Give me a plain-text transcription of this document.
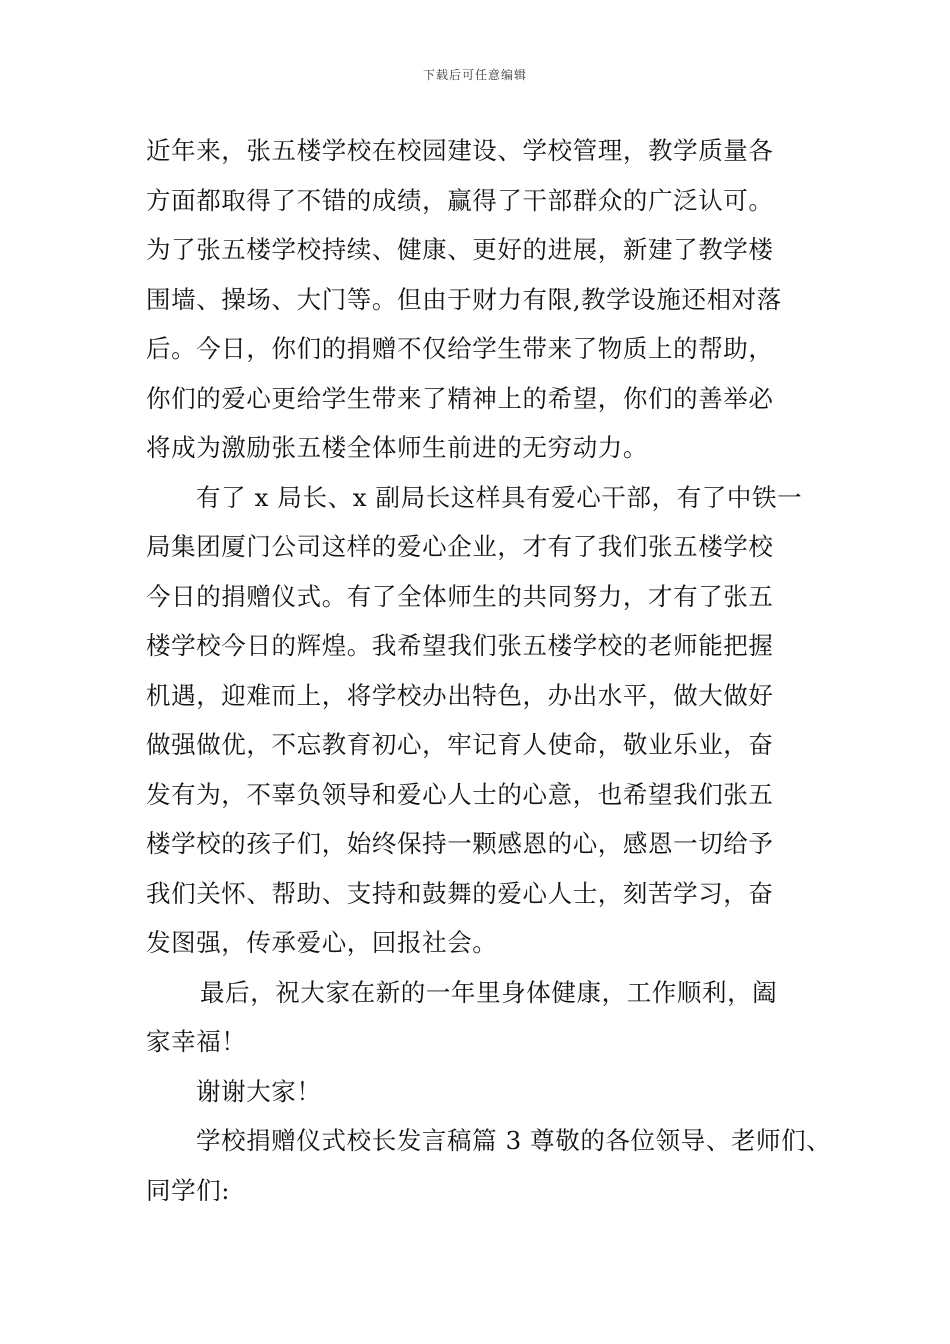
下载后可任意编辑
近年来，张五楼学校在校园建设、学校管理，教学质量各
方面都取得了不错的成绩，赢得了干部群众的广泛认可。
为了张五楼学校持续、健康、更好的进展，新建了教学楼
围墙、操场、大门等。但由于财力有限,教学设施还相对落
后。今日，你们的捐赠不仅给学生带来了物质上的帮助，
你们的爱心更给学生带来了精神上的希望，你们的善举必
将成为激励张五楼全体师生前进的无穷动力。
有了 x 局长、x 副局长这样具有爱心干部，有了中铁一
局集团厦门公司这样的爱心企业，才有了我们张五楼学校
今日的捐赠仪式。有了全体师生的共同努力，才有了张五
楼学校今日的辉煌。我希望我们张五楼学校的老师能把握
机遇，迎难而上，将学校办出特色，办出水平，做大做好
做强做优，不忘教育初心，牢记育人使命，敬业乐业，奋
发有为，不辜负领导和爱心人士的心意，也希望我们张五
楼学校的孩子们，始终保持一颗感恩的心，感恩一切给予
我们关怀、帮助、支持和鼓舞的爱心人士，刻苦学习，奋
发图强，传承爱心，回报社会。
最后，祝大家在新的一年里身体健康，工作顺利，阖
家幸福！
谢谢大家！
学校捐赠仪式校长发言稿篇 3 尊敬的各位领导、老师们、
同学们:
